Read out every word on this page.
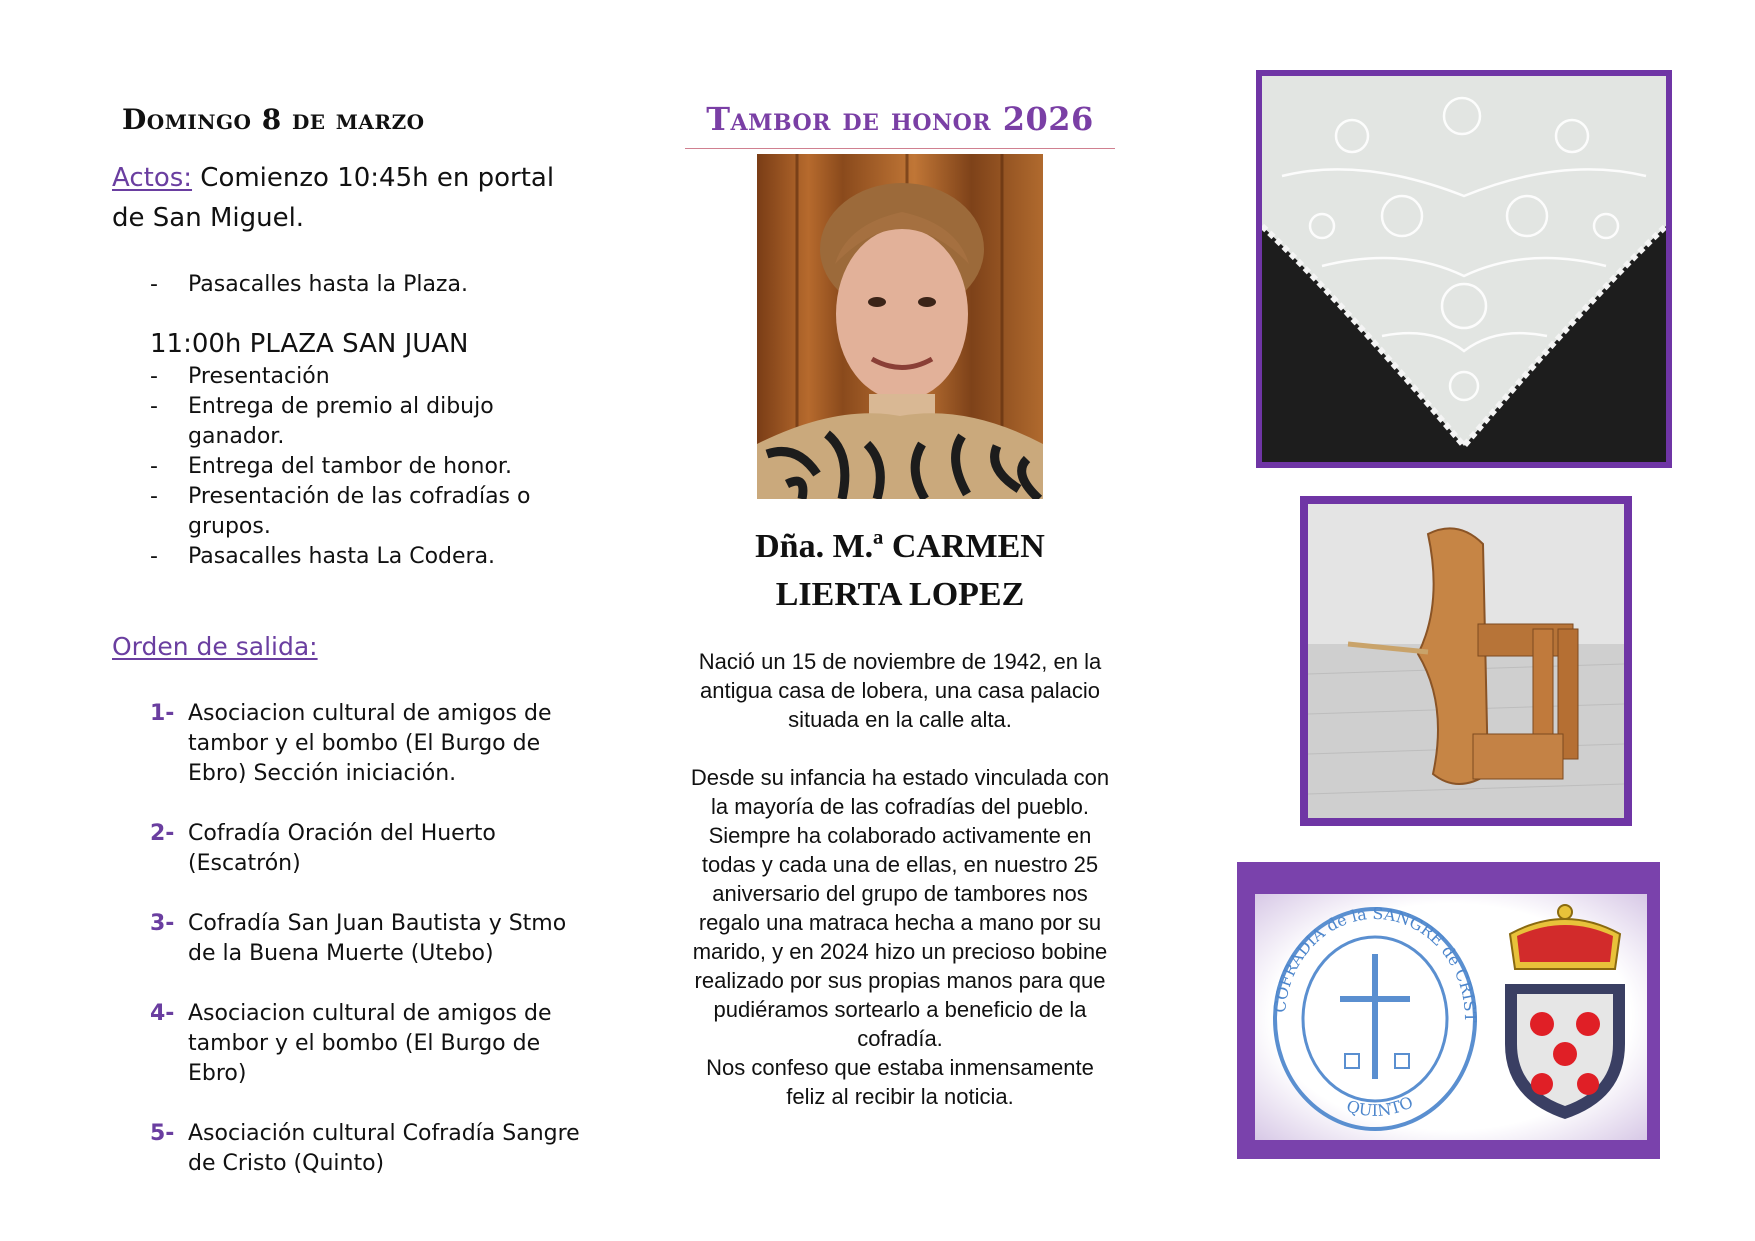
Domingo 8 de marzo
Actos: Comienzo 10:45h en portal de San Miguel.
- Pasacalles hasta la Plaza.
11:00h PLAZA SAN JUAN
- Presentación
- Entrega de premio al dibujo ganador.
- Entrega del tambor de honor.
- Presentación de las cofradías o grupos.
- Pasacalles hasta La Codera.
Orden de salida:
1- Asociacion cultural de amigos de tambor y el bombo (El Burgo de Ebro) Sección iniciación.
2- Cofradía Oración del Huerto (Escatrón)
3- Cofradía San Juan Bautista y Stmo de la Buena Muerte (Utebo)
4- Asociacion cultural de amigos de tambor y el bombo (El Burgo de Ebro)
5- Asociación cultural Cofradía Sangre de Cristo (Quinto)
Tambor de honor 2026
Dña. M.ª CARMEN
LIERTA LOPEZ

Nació un 15 de noviembre de 1942, en la antigua casa de lobera, una casa palacio situada en la calle alta.

Desde su infancia ha estado vinculada con la mayoría de las cofradías del pueblo.

Siempre ha colaborado activamente en todas y cada una de ellas, en nuestro 25 aniversario del grupo de tambores nos regalo una matraca hecha a mano por su marido, y en 2024 hizo un precioso bobine realizado por sus propias manos para que pudiéramos sortearlo a beneficio de la cofradía.

Nos confeso que estaba inmensamente feliz al recibir la noticia.

COFRADIA de la SANGRE de CRIST
QUINTO
